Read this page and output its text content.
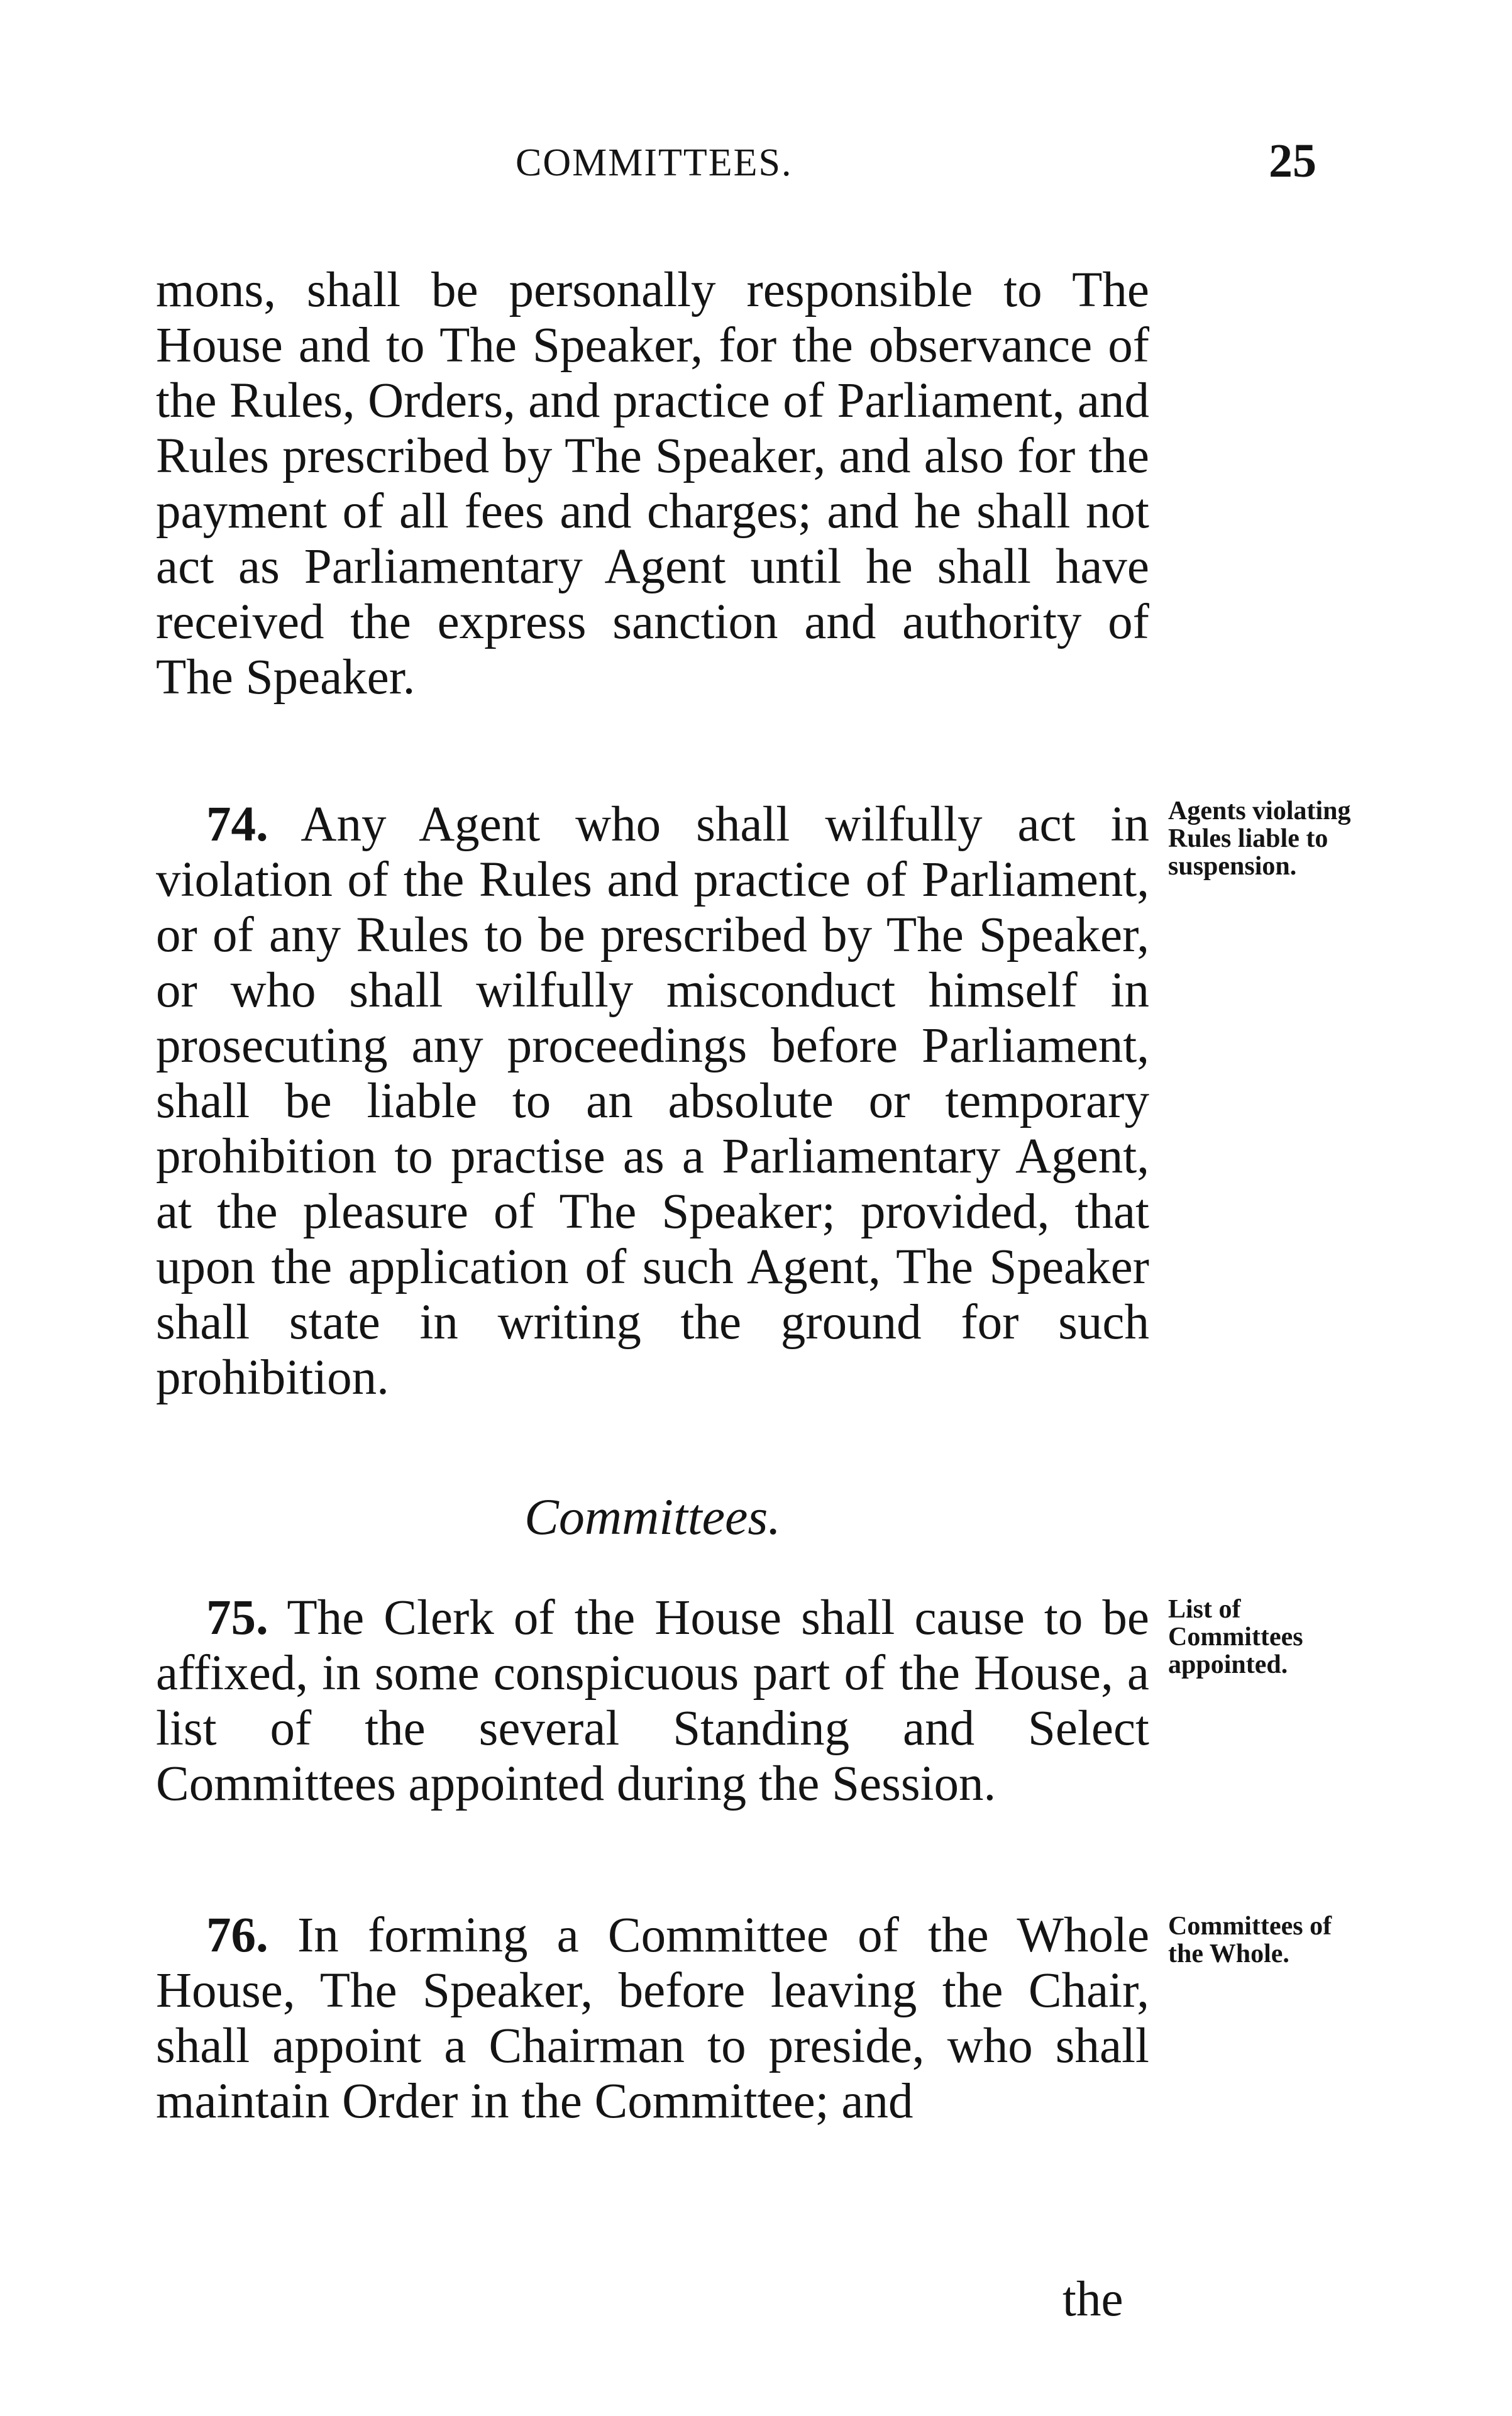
COMMITTEES.	25

mons, shall be personally responsible to The House and to The Speaker, for the observance of the Rules, Orders, and practice of Parliament, and Rules prescribed by The Speaker, and also for the payment of all fees and charges; and he shall not act as Parliamentary Agent until he shall have received the express sanction and authority of The Speaker.

74. Any Agent who shall wilfully act in violation of the Rules and practice of Parliament, or of any Rules to be prescribed by The Speaker, or who shall wilfully misconduct himself in prosecuting any proceedings before Parliament, shall be liable to an absolute or temporary prohibition to practise as a Parliamentary Agent, at the pleasure of The Speaker; provided, that upon the application of such Agent, The Speaker shall state in writing the ground for such prohibition.

Agents violating Rules liable to suspension.
Committees.

75. The Clerk of the House shall cause to be affixed, in some conspicuous part of the House, a list of the several Standing and Select Committees appointed during the Session.

List of Committees appointed.

76. In forming a Committee of the Whole House, The Speaker, before leaving the Chair, shall appoint a Chairman to preside, who shall maintain Order in the Committee; and

Committees of the Whole.
the
